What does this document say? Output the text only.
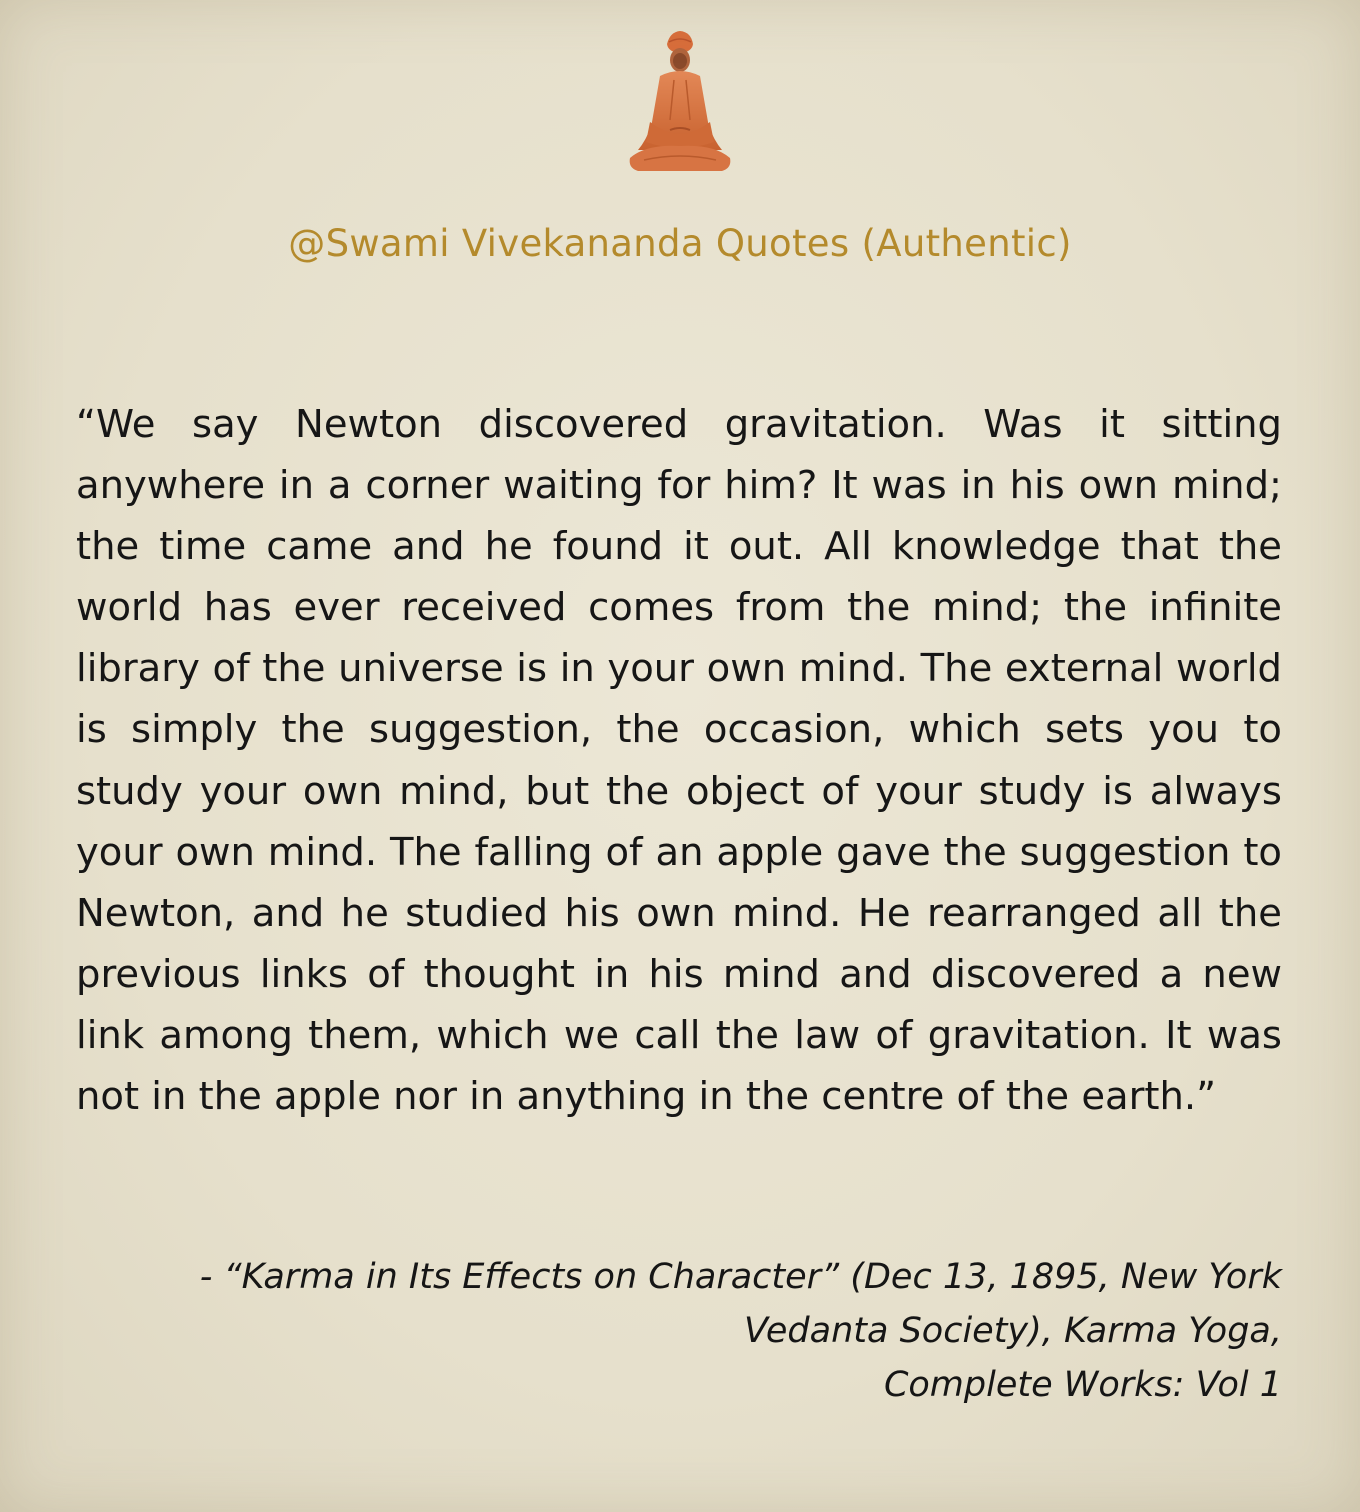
@Swami Vivekananda Quotes (Authentic)

“We say Newton discovered gravitation. Was it sitting anywhere in a corner waiting for him? It was in his own mind; the time came and he found it out. All knowledge that the world has ever received comes from the mind; the infinite library of the universe is in your own mind. The external world is simply the suggestion, the occasion, which sets you to study your own mind, but the object of your study is always your own mind. The falling of an apple gave the suggestion to Newton, and he studied his own mind. He rearranged all the previous links of thought in his mind and discovered a new link among them, which we call the law of gravitation. It was not in the apple nor in anything in the centre of the earth.”

- “Karma in Its Effects on Character” (Dec 13, 1895, New York
Vedanta Society), Karma Yoga,
Complete Works: Vol 1
